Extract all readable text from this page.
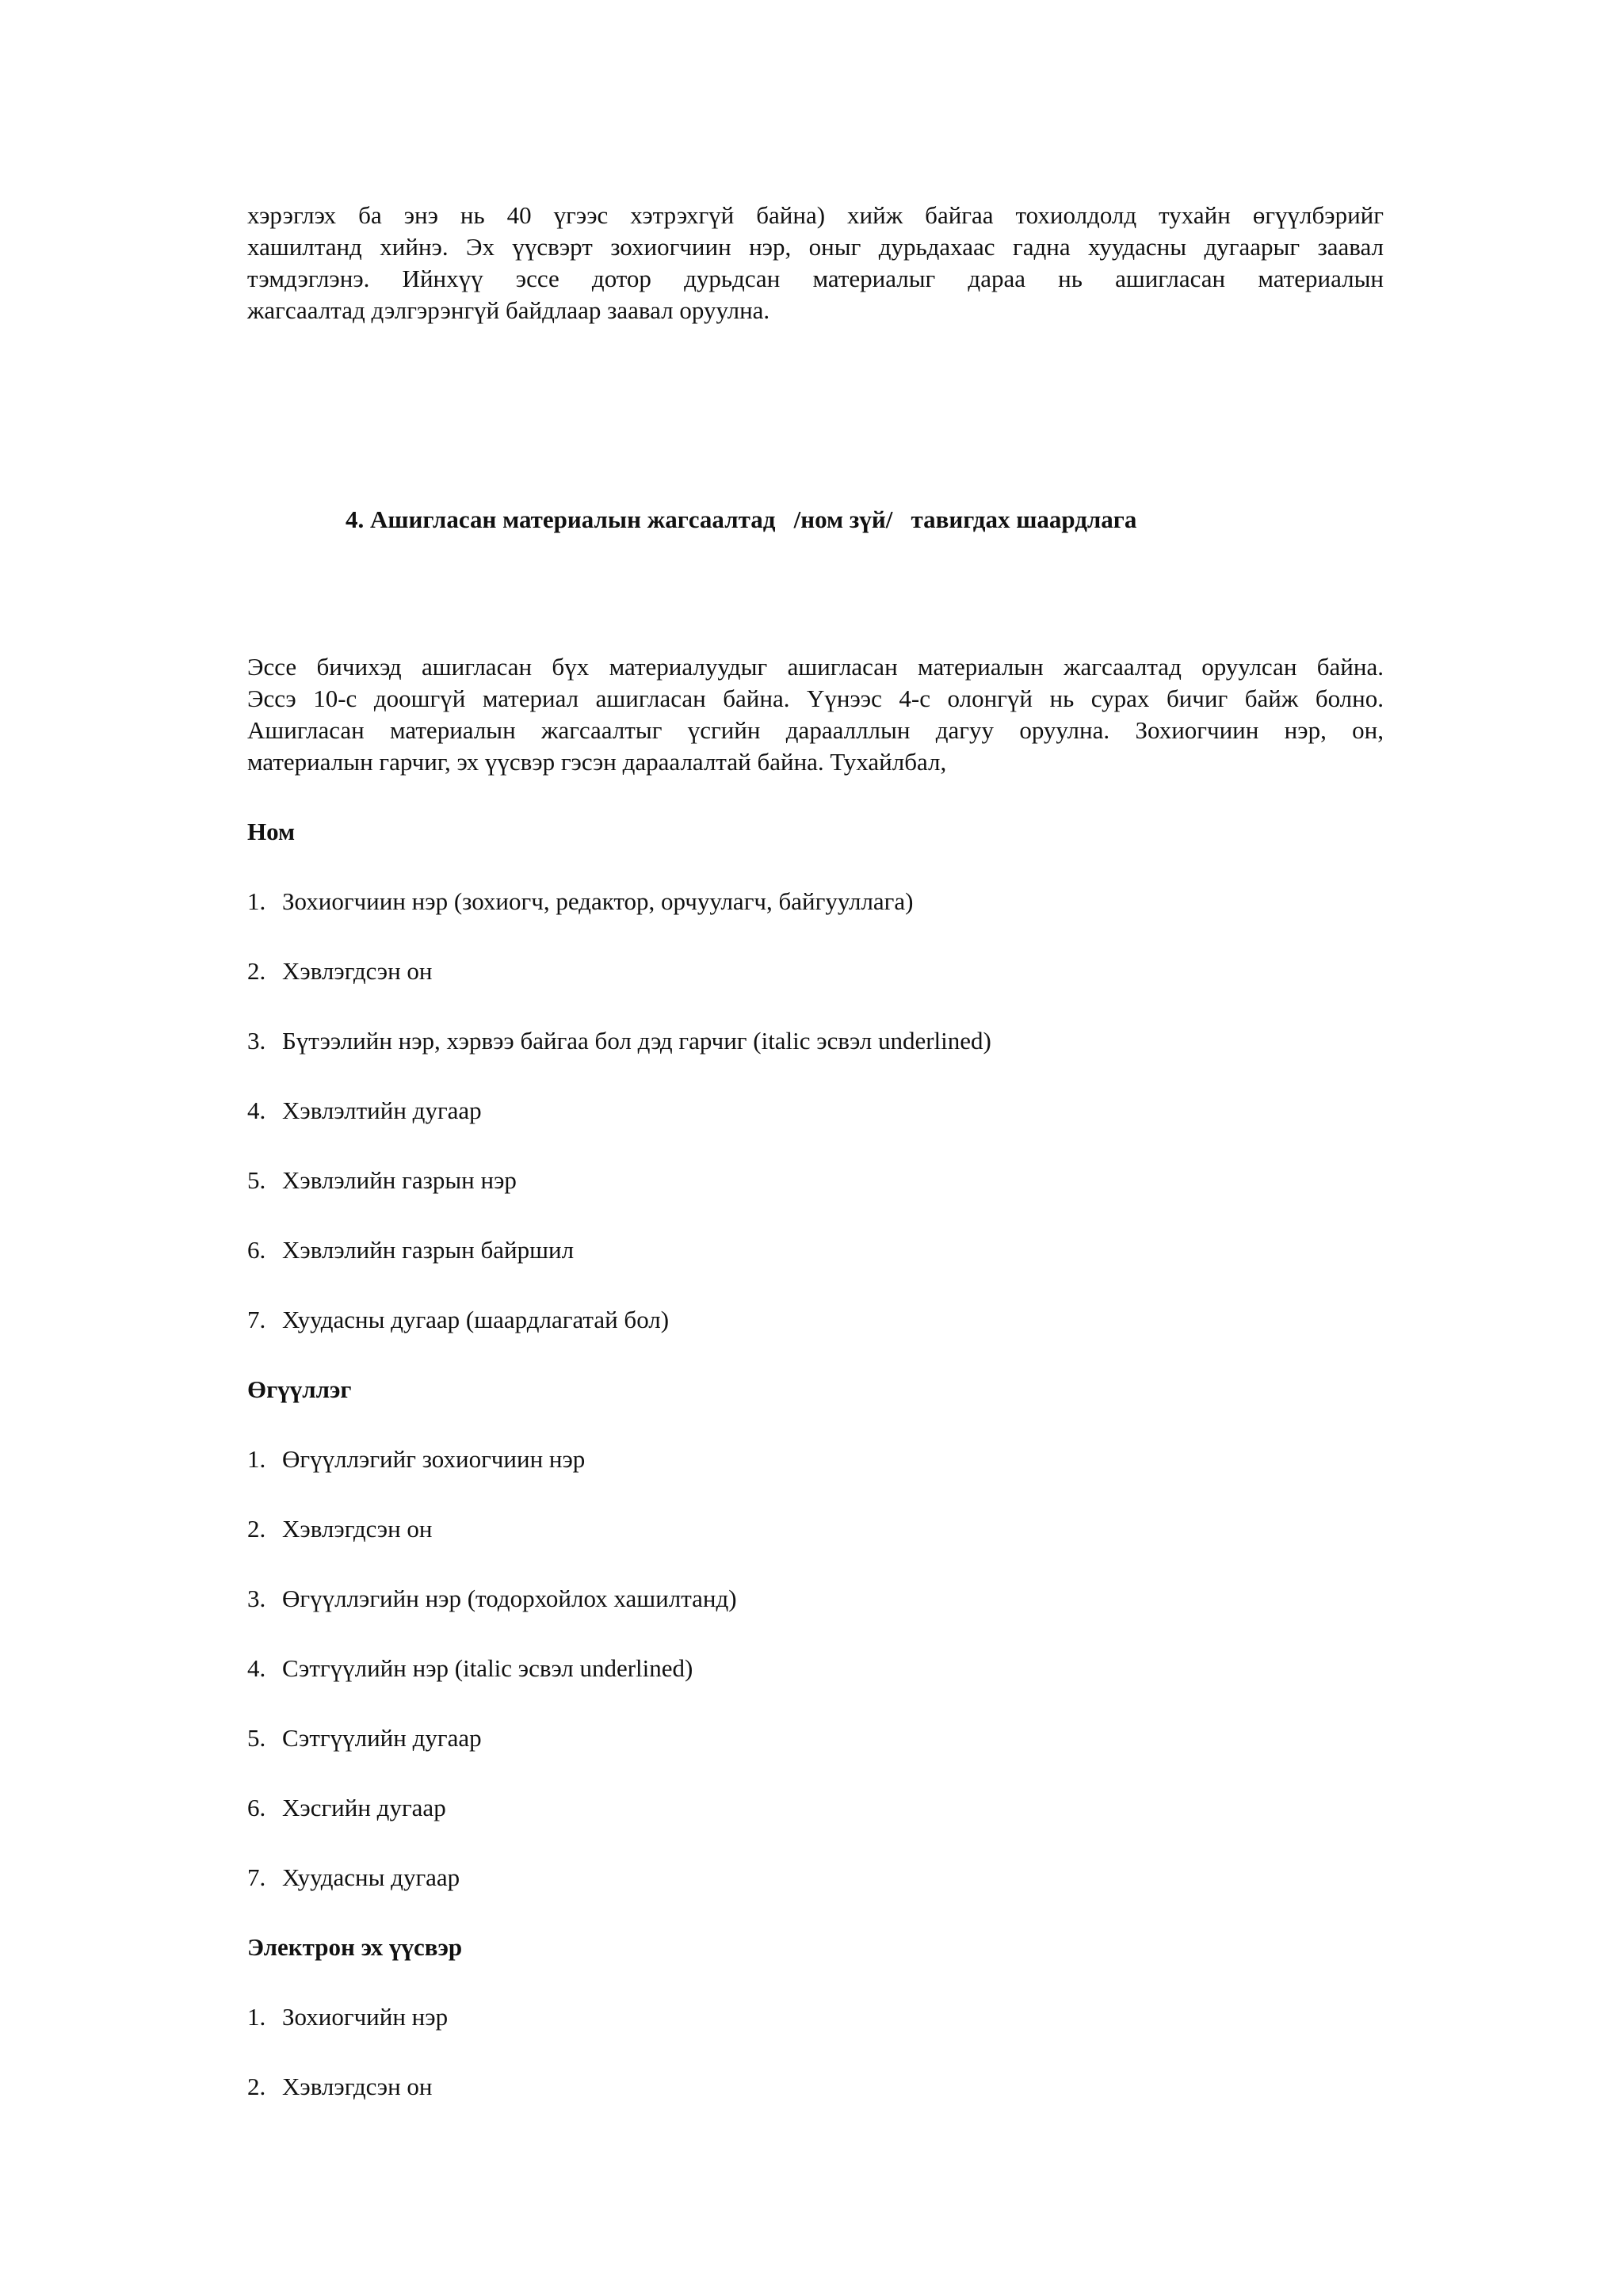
хэрэглэх ба энэ нь 40 үгээс хэтрэхгүй байна) хийж байгаа тохиолдолд тухайн өгүүлбэрийг
хашилтанд хийнэ. Эх үүсвэрт зохиогчиин нэр, оныг дурьдахаас гадна хуудасны дугаарыг заавал
тэмдэглэнэ. Ийнхүү эссе дотор дурьдсан материалыг дараа нь ашигласан материалын
жагсаалтад дэлгэрэнгүй байдлаар заавал оруулна.

4. Ашигласан материалын жагсаалтад   /ном зүй/   тавигдах шаардлага

Эссе бичихэд ашигласан бүх материалуудыг ашигласан материалын жагсаалтад оруулсан байна.
Эссэ 10-с доошгүй материал ашигласан байна. Үүнээс 4-с олонгүй нь сурах бичиг байж болно.
Ашигласан материалын жагсаалтыг үсгийн дараалллын дагуу оруулна. Зохиогчиин нэр, он,
материалын гарчиг, эх үүсвэр гэсэн дараалалтай байна. Тухайлбал,

Ном
1. Зохиогчиин нэр (зохиогч, редактор, орчуулагч, байгууллага)
2. Хэвлэгдсэн он
3. Бүтээлийн нэр, хэрвээ байгаа бол дэд гарчиг (italic эсвэл underlined)
4. Хэвлэлтийн дугаар
5. Хэвлэлийн газрын нэр
6. Хэвлэлийн газрын байршил
7. Хуудасны дугаар (шаардлагатай бол)
Өгүүллэг
1. Өгүүллэгийг зохиогчиин нэр
2. Хэвлэгдсэн он
3. Өгүүллэгийн нэр (тодорхойлох хашилтанд)
4. Сэтгүүлийн нэр (italic эсвэл underlined)
5. Сэтгүүлийн дугаар
6. Хэсгийн дугаар
7. Хуудасны дугаар
Электрон эх үүсвэр
1. Зохиогчийн нэр
2. Хэвлэгдсэн он
